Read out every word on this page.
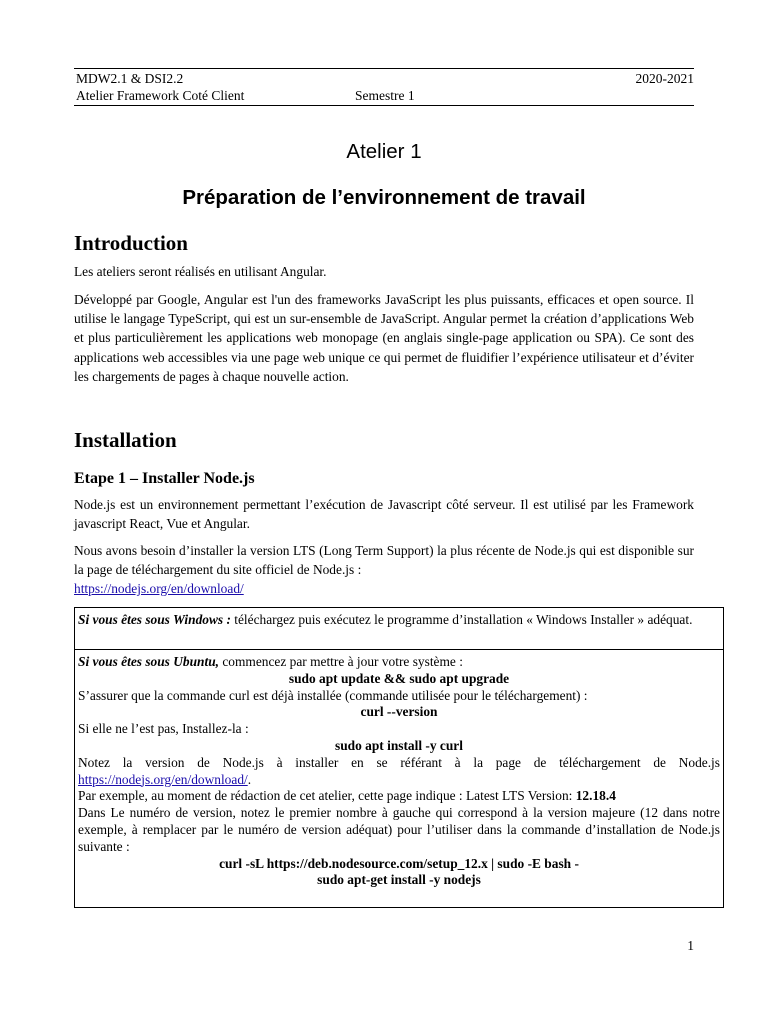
MDW2.1 & DSI2.2	2020-2021
Atelier Framework Coté Client	Semestre 1
Atelier 1
Préparation de l’environnement de travail
Introduction

Les ateliers seront réalisés en utilisant Angular.

Développé par Google, Angular est l'un des frameworks JavaScript les plus puissants, efficaces et open source. Il utilise le langage TypeScript, qui est un sur-ensemble de JavaScript. Angular permet la création d’applications Web et plus particulièrement les applications web monopage (en anglais single-page application ou SPA). Ce sont des applications web accessibles via une page web unique ce qui permet de fluidifier l’expérience utilisateur et d’éviter les chargements de pages à chaque nouvelle action.

Installation
Etape 1 – Installer Node.js

Node.js est un environnement permettant l’exécution de Javascript côté serveur. Il est utilisé par les Framework javascript React, Vue et Angular.

Nous avons besoin d’installer la version LTS (Long Term Support) la plus récente de Node.js qui est disponible sur la page de téléchargement du site officiel de Node.js :
https://nodejs.org/en/download/

Si vous êtes sous Windows : téléchargez puis exécutez le programme d’installation « Windows Installer » adéquat.
Si vous êtes sous Ubuntu, commencez par mettre à jour votre système :
sudo apt update && sudo apt upgrade
S’assurer que la commande curl est déjà installée (commande utilisée pour le téléchargement) :
curl --version
Si elle ne l’est pas, Installez-la :
sudo apt install -y curl
Notez la version de Node.js à installer en se référant à la page de téléchargement de Node.js
https://nodejs.org/en/download/.
Par exemple, au moment de rédaction de cet atelier, cette page indique : Latest LTS Version: 12.18.4
Dans Le numéro de version, notez le premier nombre à gauche qui correspond à la version majeure (12 dans notre exemple, à remplacer par le numéro de version adéquat) pour l’utiliser dans la commande d’installation de Node.js suivante :
curl -sL https://deb.nodesource.com/setup_12.x | sudo -E bash -
sudo apt-get install -y nodejs
1
